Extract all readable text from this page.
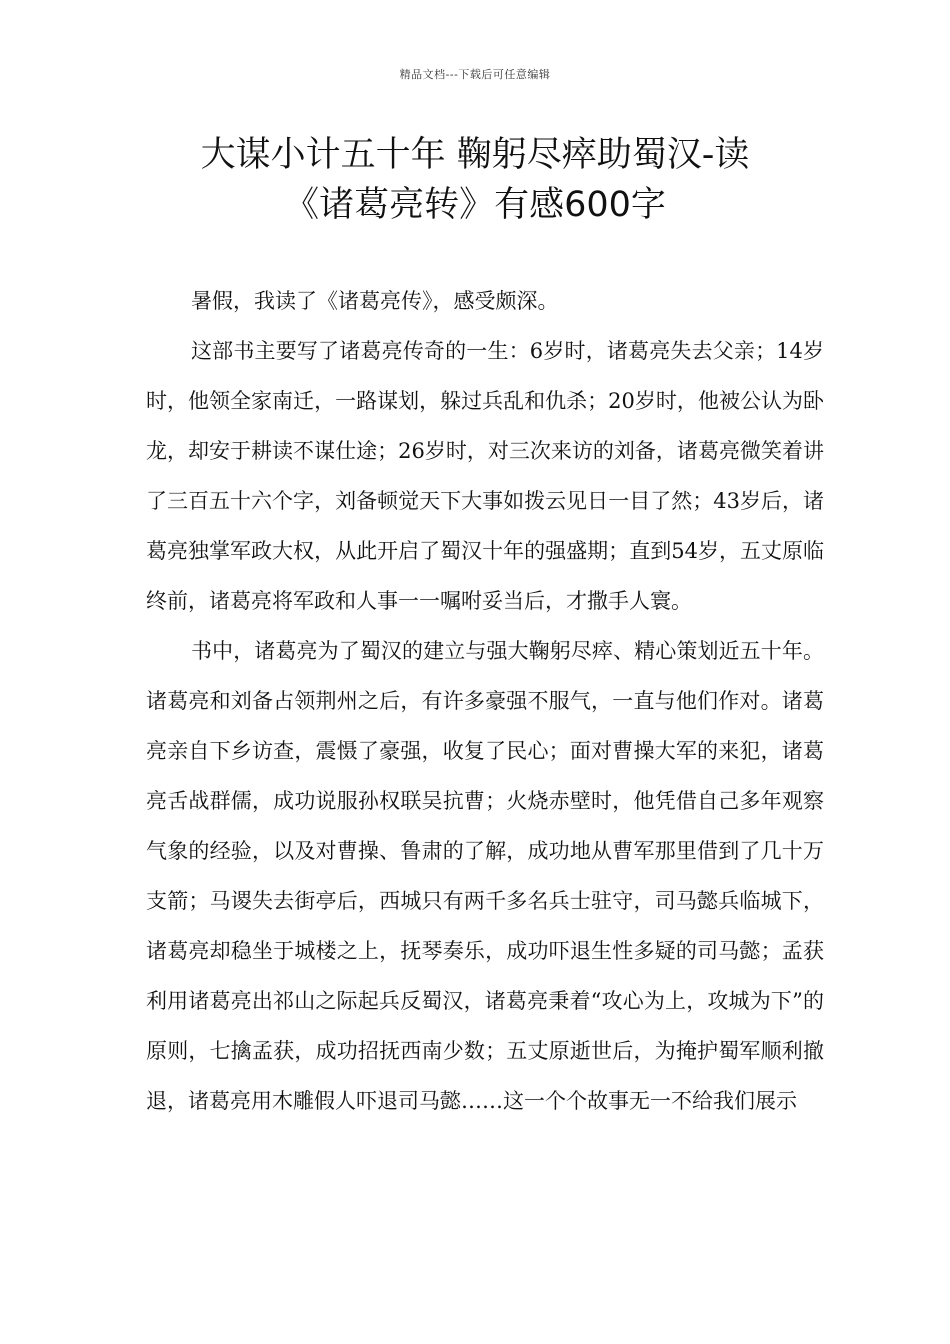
精品文档---下载后可任意编辑
大谋小计五十年 鞠躬尽瘁助蜀汉-读
《诸葛亮转》有感600字

暑假，我读了《诸葛亮传》，感受颇深。

这部书主要写了诸葛亮传奇的一生：6岁时，诸葛亮失去父亲；14岁时，他领全家南迁，一路谋划，躲过兵乱和仇杀；20岁时，他被公认为卧龙，却安于耕读不谋仕途；26岁时，对三次来访的刘备，诸葛亮微笑着讲了三百五十六个字，刘备顿觉天下大事如拨云见日一目了然；43岁后，诸葛亮独掌军政大权，从此开启了蜀汉十年的强盛期；直到54岁，五丈原临终前，诸葛亮将军政和人事一一嘱咐妥当后，才撒手人寰。

书中，诸葛亮为了蜀汉的建立与强大鞠躬尽瘁、精心策划近五十年。诸葛亮和刘备占领荆州之后，有许多豪强不服气，一直与他们作对。诸葛亮亲自下乡访查，震慑了豪强，收复了民心；面对曹操大军的来犯，诸葛亮舌战群儒，成功说服孙权联吴抗曹；火烧赤壁时，他凭借自己多年观察气象的经验，以及对曹操、鲁肃的了解，成功地从曹军那里借到了几十万支箭；马谡失去街亭后，西城只有两千多名兵士驻守，司马懿兵临城下，诸葛亮却稳坐于城楼之上，抚琴奏乐，成功吓退生性多疑的司马懿；孟获利用诸葛亮出祁山之际起兵反蜀汉，诸葛亮秉着“攻心为上，攻城为下”的原则，七擒孟获，成功招抚西南少数；五丈原逝世后，为掩护蜀军顺利撤退，诸葛亮用木雕假人吓退司马懿……这一个个故事无一不给我们展示
